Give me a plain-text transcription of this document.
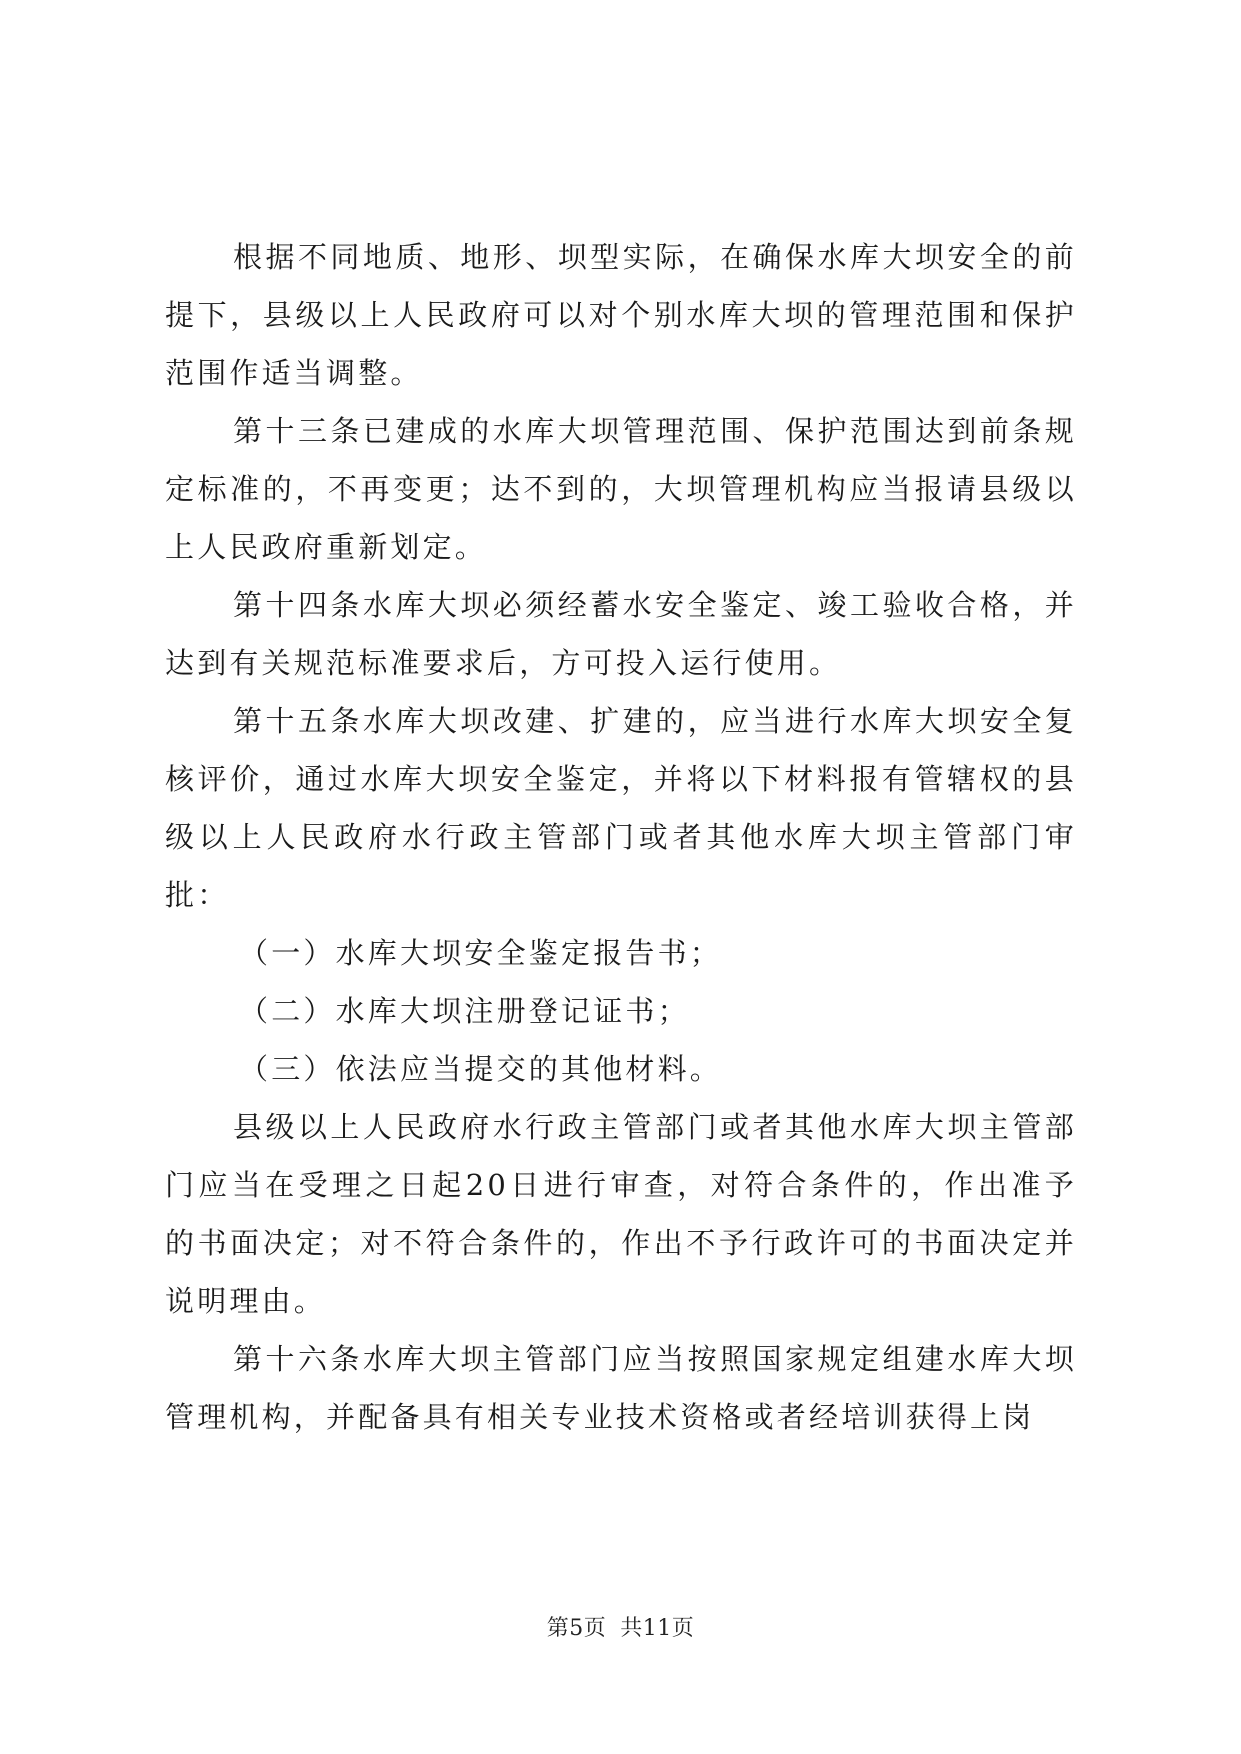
根据不同地质、地形、坝型实际，在确保水库大坝安全的前提下，县级以上人民政府可以对个别水库大坝的管理范围和保护范围作适当调整。

第十三条已建成的水库大坝管理范围、保护范围达到前条规定标准的，不再变更；达不到的，大坝管理机构应当报请县级以上人民政府重新划定。

第十四条水库大坝必须经蓄水安全鉴定、竣工验收合格，并达到有关规范标准要求后，方可投入运行使用。

第十五条水库大坝改建、扩建的，应当进行水库大坝安全复核评价，通过水库大坝安全鉴定，并将以下材料报有管辖权的县级以上人民政府水行政主管部门或者其他水库大坝主管部门审批：

（一）水库大坝安全鉴定报告书；

（二）水库大坝注册登记证书；

（三）依法应当提交的其他材料。

县级以上人民政府水行政主管部门或者其他水库大坝主管部门应当在受理之日起20日进行审查，对符合条件的，作出准予的书面决定；对不符合条件的，作出不予行政许可的书面决定并说明理由。

第十六条水库大坝主管部门应当按照国家规定组建水库大坝管理机构，并配备具有相关专业技术资格或者经培训获得上岗

第5页 共11页
